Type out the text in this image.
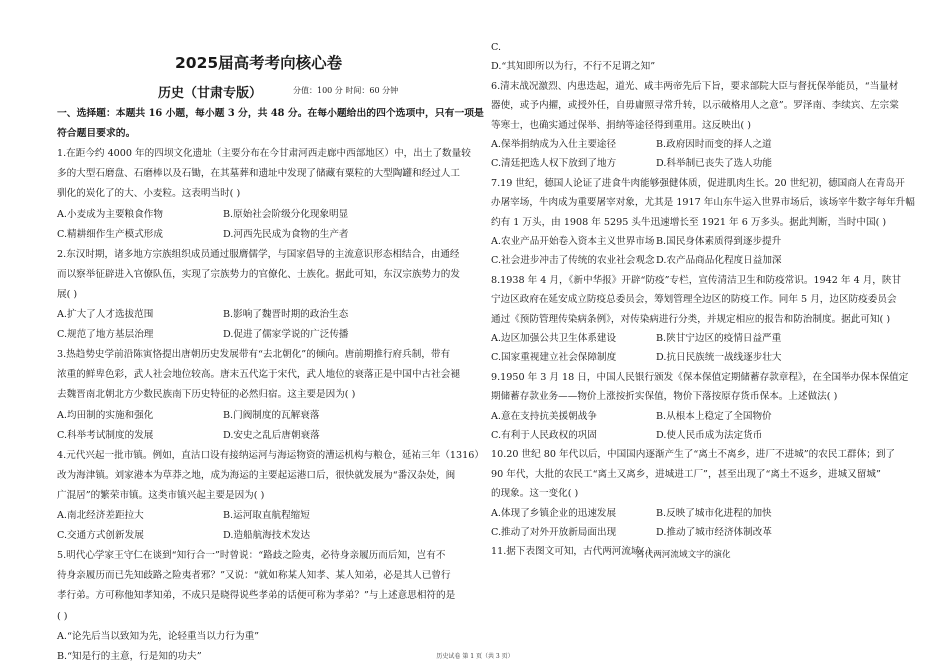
2025届高考考向核心卷
历史（甘肃专版）	分值：100 分 时间：60 分钟
古代两河流域文字的演化
历史试卷 第 1 页（共 3 页）
一、选择题：本题共 16 小题，每小题 3 分，共 48 分。在每小题给出的四个选项中，只有一项是
符合题目要求的。
1.在距今约 4000 年的四坝文化遗址（主要分布在今甘肃河西走廊中西部地区）中，出土了数量较
多的大型石磨盘、石磨棒以及石锄，在其墓葬和遗址中发现了储藏有粟粒的大型陶罐和经过人工
驯化的炭化了的大、小麦粒。这表明当时( )
A.小麦成为主要粮食作物	B.原始社会阶级分化现象明显
C.精耕细作生产模式形成	D.河西先民成为食物的生产者
2.东汉时期，诸多地方宗族组织成员通过服膺儒学，与国家倡导的主流意识形态相结合，由通经
而以察举征辟进入官僚队伍，实现了宗族势力的官僚化、士族化。据此可知，东汉宗族势力的发
展( )
A.扩大了人才选拔范围	B.影响了魏晋时期的政治生态
C.规范了地方基层治理	D.促进了儒家学说的广泛传播
3.热趋势史学前沿陈寅恪提出唐朝历史发展带有“去北朝化”的倾向。唐前期推行府兵制，带有
浓重的鲜卑色彩，武人社会地位较高。唐末五代迄于宋代，武人地位的衰落正是中国中古社会褪
去魏晋南北朝北方少数民族南下历史特征的必然归宿。这主要是因为( )
A.均田制的实施和强化	B.门阀制度的瓦解衰落
C.科举考试制度的发展	D.安史之乱后唐朝衰落
4.元代兴起一批市镇。例如，直沽口设有接纳运河与海运物资的漕运机构与粮仓，延祐三年（1316）
改为海津镇。刘家港本为草莽之地，成为海运的主要起运港口后，很快就发展为“番汉杂处，闽
广混居”的繁荣市镇。这类市镇兴起主要是因为( )
A.南北经济差距拉大	B.运河取直航程缩短
C.交通方式创新发展	D.造船航海技术发达
5.明代心学家王守仁在谈到“知行合一”时曾说：“路歧之险夷，必待身亲履历而后知，岂有不
待身亲履历而已先知歧路之险夷者邪？”又说：“就如称某人知孝、某人知弟，必是其人已曾行
孝行弟。方可称他知孝知弟，不成只是晓得说些孝弟的话便可称为孝弟？”与上述意思相符的是
( )
A.“论先后当以致知为先，论轻重当以力行为重”
B.“知是行的主意，行是知的功夫”
C.
D.“其知即所以为行，不行不足谓之知”
6.清末战况激烈、内患迭起，道光、咸丰两帝先后下旨，要求部院大臣与督抚保举能员，“当量材
器使，或予内擢，或授外任，自毋庸照寻常升转，以示破格用人之意”。罗泽南、李续宾、左宗棠
等寒士，也确实通过保举、捐纳等途径得到重用。这反映出( )
A.保举捐纳成为入仕主要途径	B.政府因时而变的择人之道
C.清廷把选人权下放到了地方	D.科举制已丧失了选人功能
7.19 世纪，德国人论证了进食牛肉能够强健体质，促进肌肉生长。20 世纪初，德国商人在青岛开
办屠宰场，牛肉成为重要屠宰对象，尤其是 1917 年山东牛运入世界市场后，该场宰牛数字每年升幅
约有 1 万头，由 1908 年 5295 头牛迅速增长至 1921 年 6 万多头。据此判断，当时中国( )
A.农业产品开始卷入资本主义世界市场 B.国民身体素质得到逐步提升
C.社会进步冲击了传统的农业社会观念 D.农产品商品化程度日益加深
8.1938 年 4 月，《新中华报》开辟“防疫”专栏，宣传清洁卫生和防疫常识。1942 年 4 月，陕甘
宁边区政府在延安成立防疫总委员会，筹划管理全边区的防疫工作。同年 5 月，边区防疫委员会
通过《预防管理传染病条例》，对传染病进行分类，并规定相应的报告和防治制度。据此可知( )
A.边区加强公共卫生体系建设	B.陕甘宁边区的疫情日益严重
C.国家重视建立社会保障制度	D.抗日民族统一战线逐步壮大
9.1950 年 3 月 18 日，中国人民银行颁发《保本保值定期储蓄存款章程》，在全国举办保本保值定
期储蓄存款业务——物价上涨按折实保值，物价下落按原存货币保本。上述做法( )
A.意在支持抗美援朝战争	B.从根本上稳定了全国物价
C.有利于人民政权的巩固	D.使人民币成为法定货币
10.20 世纪 80 年代以后，中国国内逐渐产生了“离土不离乡，进厂不进城”的农民工群体；到了
90 年代，大批的农民工“离土又离乡，进城进工厂”，甚至出现了“离土不返乡，进城又留城”
的现象。这一变化( )
A.体现了乡镇企业的迅速发展	B.反映了城市化进程的加快
C.推动了对外开放新局面出现	D.推动了城市经济体制改革
11.据下表图文可知，古代两河流域( )
